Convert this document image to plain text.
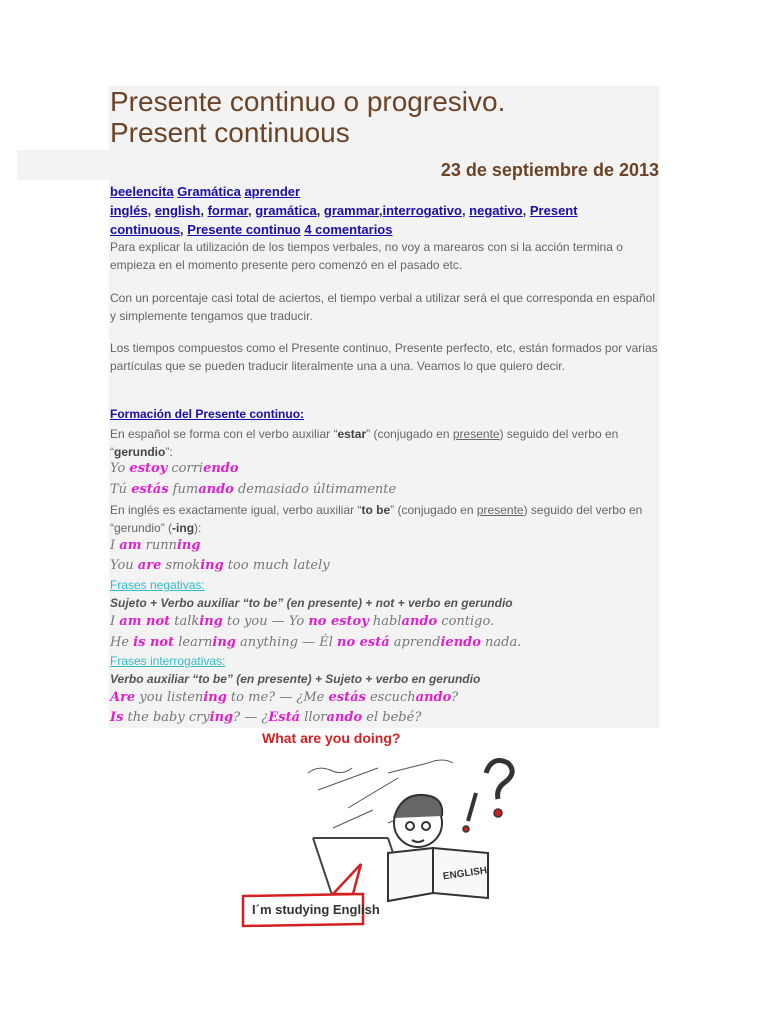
Presente continuo o progresivo.
Present continuous
23 de septiembre de 2013
beelencita Gramática aprender
inglés, english, formar, gramática, grammar,interrogativo, negativo, Present
continuous, Presente continuo 4 comentarios

Para explicar la utilización de los tiempos verbales, no voy a marearos con si la acción termina o empieza en el momento presente pero comenzó en el pasado etc.

Con un porcentaje casi total de aciertos, el tiempo verbal a utilizar será el que corresponda en español y simplemente tengamos que traducir.

Los tiempos compuestos como el Presente continuo, Presente perfecto, etc, están formados por varias partículas que se pueden traducir literalmente una a una. Veamos lo que quiero decir.

Formación del Presente continuo:

En español se forma con el verbo auxiliar “estar” (conjugado en presente) seguido del verbo en “gerundio”:

Yo estoy corriendo
Tú estás fumando demasiado últimamente

En inglés es exactamente igual, verbo auxiliar “to be” (conjugado en presente) seguido del verbo en “gerundio” (-ing):

I am running
You are smoking too much lately
Frases negativas:
Sujeto + Verbo auxiliar “to be” (en presente) + not + verbo en gerundio
I am not talking to you — Yo no estoy hablando contigo.
He is not learning anything — Él no está aprendiendo nada.
Frases interrogativas:
Verbo auxiliar “to be” (en presente) + Sujeto + verbo en gerundio
Are you listening to me? — ¿Me estás escuchando?
Is the baby crying? — ¿Está llorando el bebé?
What are you doing?
ENGLISH
I´m studying English
